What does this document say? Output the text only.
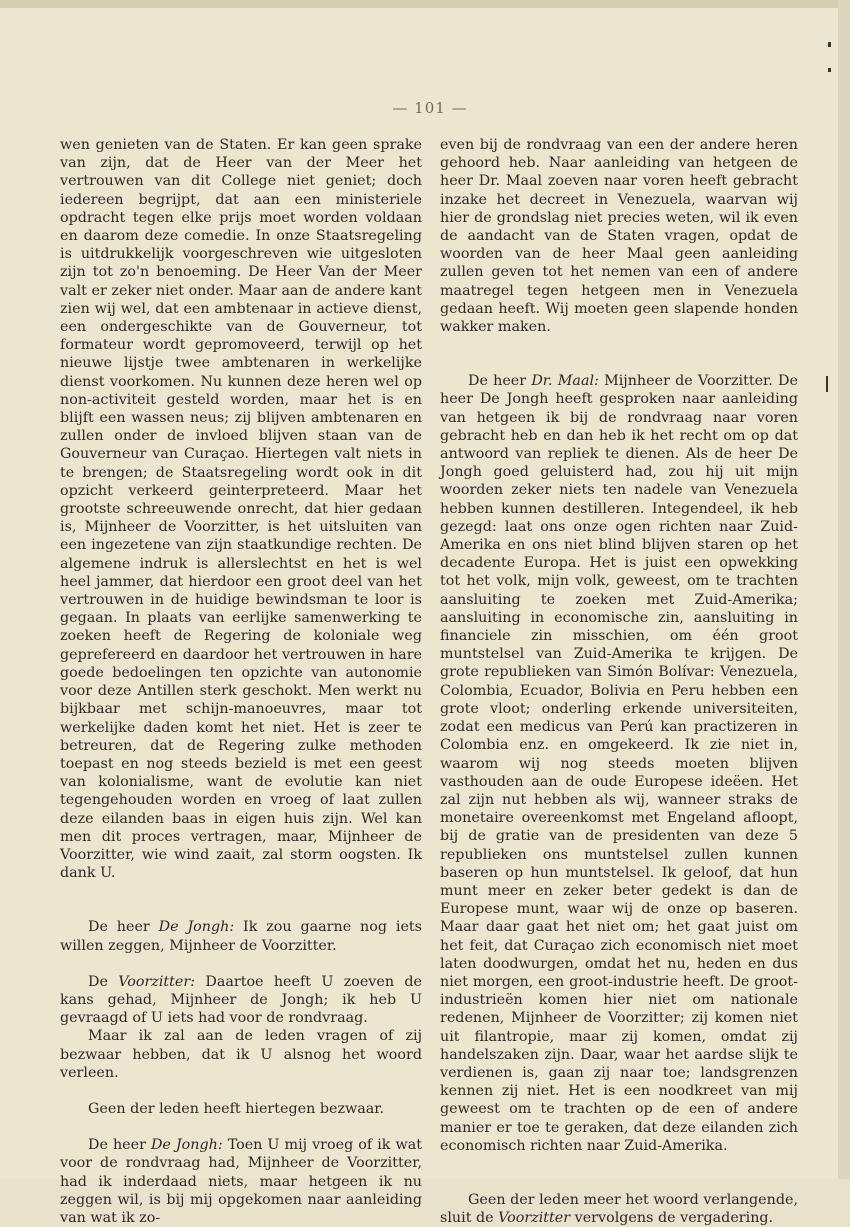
— 101 —

wen genieten van de Staten. Er kan geen sprake van zijn, dat de Heer van der Meer het vertrouwen van dit College niet geniet; doch iedereen begrijpt, dat aan een ministeriele opdracht tegen elke prijs moet worden voldaan en daarom deze comedie. In onze Staatsregeling is uitdrukkelijk voorgeschreven wie uitgesloten zijn tot zo'n benoeming. De Heer Van der Meer valt er zeker niet onder. Maar aan de andere kant zien wij wel, dat een ambtenaar in actieve dienst, een ondergeschikte van de Gouverneur, tot formateur wordt gepromoveerd, terwijl op het nieuwe lijstje twee ambtenaren in werkelijke dienst voorkomen. Nu kunnen deze heren wel op non-activiteit gesteld worden, maar het is en blijft een wassen neus; zij blijven ambtenaren en zullen onder de invloed blijven staan van de Gouverneur van Curaçao. Hiertegen valt niets in te brengen; de Staatsregeling wordt ook in dit opzicht verkeerd geinterpreteerd. Maar het grootste schreeuwende onrecht, dat hier gedaan is, Mijnheer de Voorzitter, is het uitsluiten van een ingezetene van zijn staatkundige rechten. De algemene indruk is allerslechtst en het is wel heel jammer, dat hierdoor een groot deel van het vertrouwen in de huidige bewindsman te loor is gegaan. In plaats van eerlijke samenwerking te zoeken heeft de Regering de koloniale weg geprefereerd en daardoor het vertrouwen in hare goede bedoelingen ten opzichte van autonomie voor deze Antillen sterk geschokt. Men werkt nu bijkbaar met schijn-manoeuvres, maar tot werkelijke daden komt het niet. Het is zeer te betreuren, dat de Regering zulke methoden toepast en nog steeds bezield is met een geest van kolonialisme, want de evolutie kan niet tegengehouden worden en vroeg of laat zullen deze eilanden baas in eigen huis zijn. Wel kan men dit proces vertragen, maar, Mijnheer de Voorzitter, wie wind zaait, zal storm oogsten. Ik dank U.

De heer De Jongh: Ik zou gaarne nog iets willen zeggen, Mijnheer de Voorzitter.

De Voorzitter: Daartoe heeft U zoeven de kans gehad, Mijnheer de Jongh; ik heb U gevraagd of U iets had voor de rondvraag.

Maar ik zal aan de leden vragen of zij bezwaar hebben, dat ik U alsnog het woord verleen.

Geen der leden heeft hiertegen bezwaar.

De heer De Jongh: Toen U mij vroeg of ik wat voor de rondvraag had, Mijnheer de Voorzitter, had ik inderdaad niets, maar hetgeen ik nu zeggen wil, is bij mij opgekomen naar aanleiding van wat ik zo-

even bij de rondvraag van een der andere heren gehoord heb. Naar aanleiding van hetgeen de heer Dr. Maal zoeven naar voren heeft gebracht inzake het decreet in Venezuela, waarvan wij hier de grondslag niet precies weten, wil ik even de aandacht van de Staten vragen, opdat de woorden van de heer Maal geen aanleiding zullen geven tot het nemen van een of andere maatregel tegen hetgeen men in Venezuela gedaan heeft. Wij moeten geen slapende honden wakker maken.

De heer Dr. Maal: Mijnheer de Voorzitter. De heer De Jongh heeft gesproken naar aanleiding van hetgeen ik bij de rondvraag naar voren gebracht heb en dan heb ik het recht om op dat antwoord van repliek te dienen. Als de heer De Jongh goed geluisterd had, zou hij uit mijn woorden zeker niets ten nadele van Venezuela hebben kunnen destilleren. Integendeel, ik heb gezegd: laat ons onze ogen richten naar Zuid-Amerika en ons niet blind blijven staren op het decadente Europa. Het is juist een opwekking tot het volk, mijn volk, geweest, om te trachten aansluiting te zoeken met Zuid-Amerika; aansluiting in economische zin, aansluiting in financiele zin misschien, om één groot muntstelsel van Zuid-Amerika te krijgen. De grote republieken van Simón Bolívar: Venezuela, Colombia, Ecuador, Bolivia en Peru hebben een grote vloot; onderling erkende universiteiten, zodat een medicus van Perú kan practizeren in Colombia enz. en omgekeerd. Ik zie niet in, waarom wij nog steeds moeten blijven vasthouden aan de oude Europese ideëen. Het zal zijn nut hebben als wij, wanneer straks de monetaire overeenkomst met Engeland afloopt, bij de gratie van de presidenten van deze 5 republieken ons muntstelsel zullen kunnen baseren op hun muntstelsel. Ik geloof, dat hun munt meer en zeker beter gedekt is dan de Europese munt, waar wij de onze op baseren. Maar daar gaat het niet om; het gaat juist om het feit, dat Curaçao zich economisch niet moet laten doodwurgen, omdat het nu, heden en dus niet morgen, een groot-industrie heeft. De groot-industrieën komen hier niet om nationale redenen, Mijnheer de Voorzitter; zij komen niet uit filantropie, maar zij komen, omdat zij handelszaken zijn. Daar, waar het aardse slijk te verdienen is, gaan zij naar toe; landsgrenzen kennen zij niet. Het is een noodkreet van mij geweest om te trachten op de een of andere manier er toe te geraken, dat deze eilanden zich economisch richten naar Zuid-Amerika.

Geen der leden meer het woord verlangende, sluit de Voorzitter vervolgens de vergadering.
